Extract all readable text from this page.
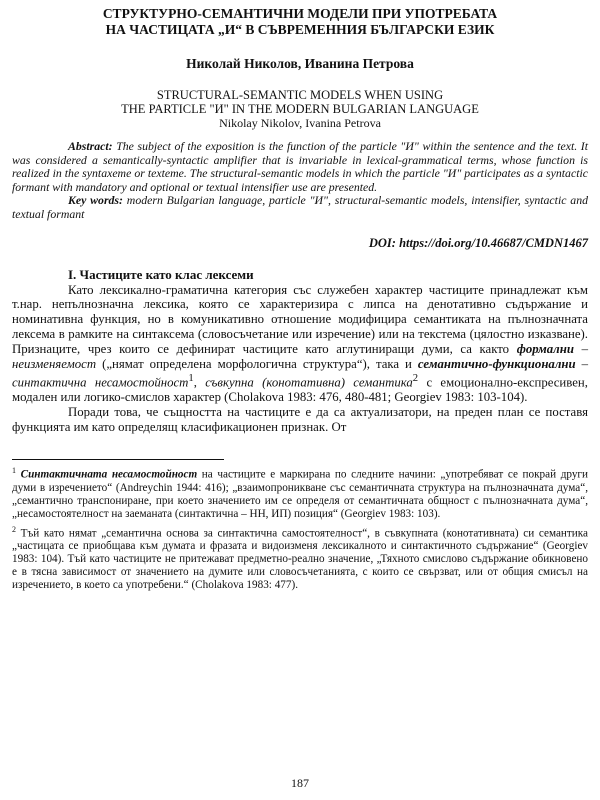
СТРУКТУРНО-СЕМАНТИЧНИ МОДЕЛИ ПРИ УПОТРЕБАТА
НА ЧАСТИЦАТА „И“ В СЪВРЕМЕННИЯ БЪЛГАРСКИ ЕЗИК
Николай Николов, Иванина Петрова
STRUCTURAL-SEMANTIC MODELS WHEN USING
THE PARTICLE "И" IN THE MODERN BULGARIAN LANGUAGE
Nikolay Nikolov, Ivanina Petrova
Abstract: The subject of the exposition is the function of the particle "И" within the sentence and the text. It was considered a semantically-syntactic amplifier that is invariable in lexical-grammatical terms, whose function is realized in the syntaxeme or texteme. The structural-semantic models in which the particle "И" participates as a syntactic formant with mandatory and optional or textual intensifier use are presented.
Key words: modern Bulgarian language, particle "И", structural-semantic models, intensifier, syntactic and textual formant
DOI: https://doi.org/10.46687/CMDN1467
I. Частиците като клас лексеми

Като лексикално-граматична категория със служебен характер частиците принадлежат към т.нар. непълнозначна лексика, която се характеризира с липса на денотативно съдържание и номинативна функция, но в комуникативно отношение модифицира семантиката на пълнозначната лексема в рамките на синтаксема (словосъчетание или изречение) или на текстема (цялостно изказване). Признаците, чрез които се дефинират частиците като аглутиниращи думи, са както формални – неизменяемост („нямат определена морфологична структура“), така и семантично-функционални – синтактична несамостойност$^1$, съвкупна (конотативна) семантика$^2$ с емоционално-експресивен, модален или логико-смислов характер (Cholakova 1983: 476, 480-481; Georgiev 1983: 103-104).

Поради това, че същността на частиците е да са актуализатори, на преден план се поставя функцията им като определящ класификационен признак. От

$^1$ Синтактичната несамостойност на частиците е маркирана по следните начини: „употребяват се покрай други думи в изречението“ (Andreychin 1944: 416); „взаимопроникване със семантичната структура на пълнозначната дума“, „семантично транспониране, при което значението им се определя от семантичната общност с пълнозначната дума“, „несамостоятелност на заеманата (синтактична – НН, ИП) позиция“ (Georgiev 1983: 103).

$^2$ Тъй като нямат „семантична основа за синтактична самостоятелност“, в съвкупната (конотативната) си семантика „частицата се приобщава към думата и фразата и видоизменя лексикалното и синтактичното съдържание“ (Georgiev 1983: 104). Тъй като частиците не притежават предметно-реално значение, „Тяхното смислово съдържание обикновено е в тясна зависимост от значението на думите или словосъчетанията, с които се свързват, или от общия смисъл на изречението, в което са употребени.“ (Cholakova 1983: 477).

187
